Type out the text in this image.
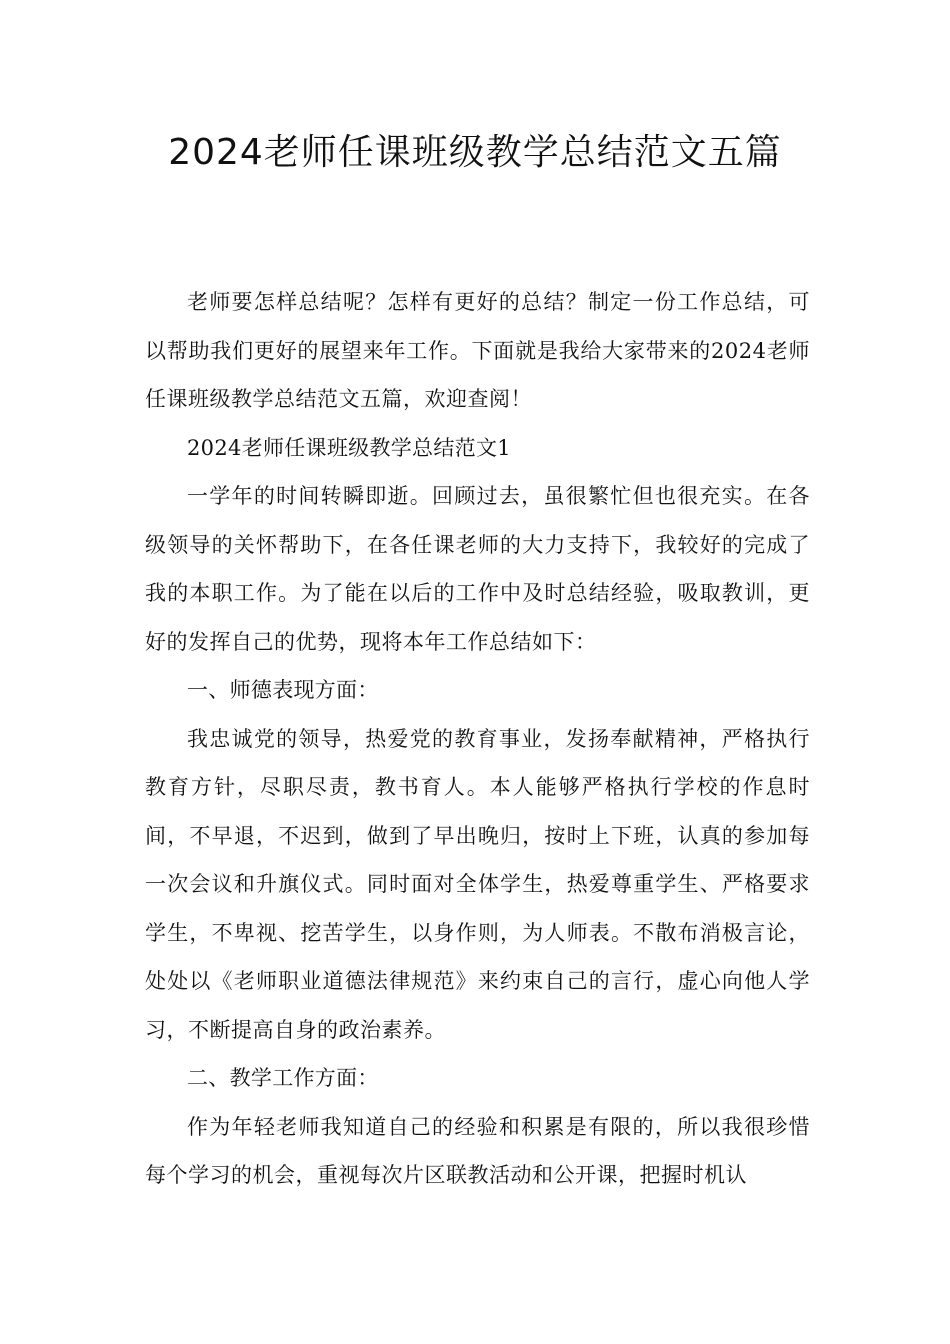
2024老师任课班级教学总结范文五篇

老师要怎样总结呢？怎样有更好的总结？制定一份工作总结，可以帮助我们更好的展望来年工作。下面就是我给大家带来的2024老师任课班级教学总结范文五篇，欢迎查阅！

2024老师任课班级教学总结范文1

一学年的时间转瞬即逝。回顾过去，虽很繁忙但也很充实。在各级领导的关怀帮助下，在各任课老师的大力支持下，我较好的完成了我的本职工作。为了能在以后的工作中及时总结经验，吸取教训，更好的发挥自己的优势，现将本年工作总结如下：

一、师德表现方面：

我忠诚党的领导，热爱党的教育事业，发扬奉献精神，严格执行教育方针，尽职尽责，教书育人。本人能够严格执行学校的作息时间，不早退，不迟到，做到了早出晚归，按时上下班，认真的参加每一次会议和升旗仪式。同时面对全体学生，热爱尊重学生、严格要求学生，不卑视、挖苦学生，以身作则，为人师表。不散布消极言论，处处以《老师职业道德法律规范》来约束自己的言行，虚心向他人学习，不断提高自身的政治素养。

二、教学工作方面：

作为年轻老师我知道自己的经验和积累是有限的，所以我很珍惜每个学习的机会，重视每次片区联教活动和公开课，把握时机认
